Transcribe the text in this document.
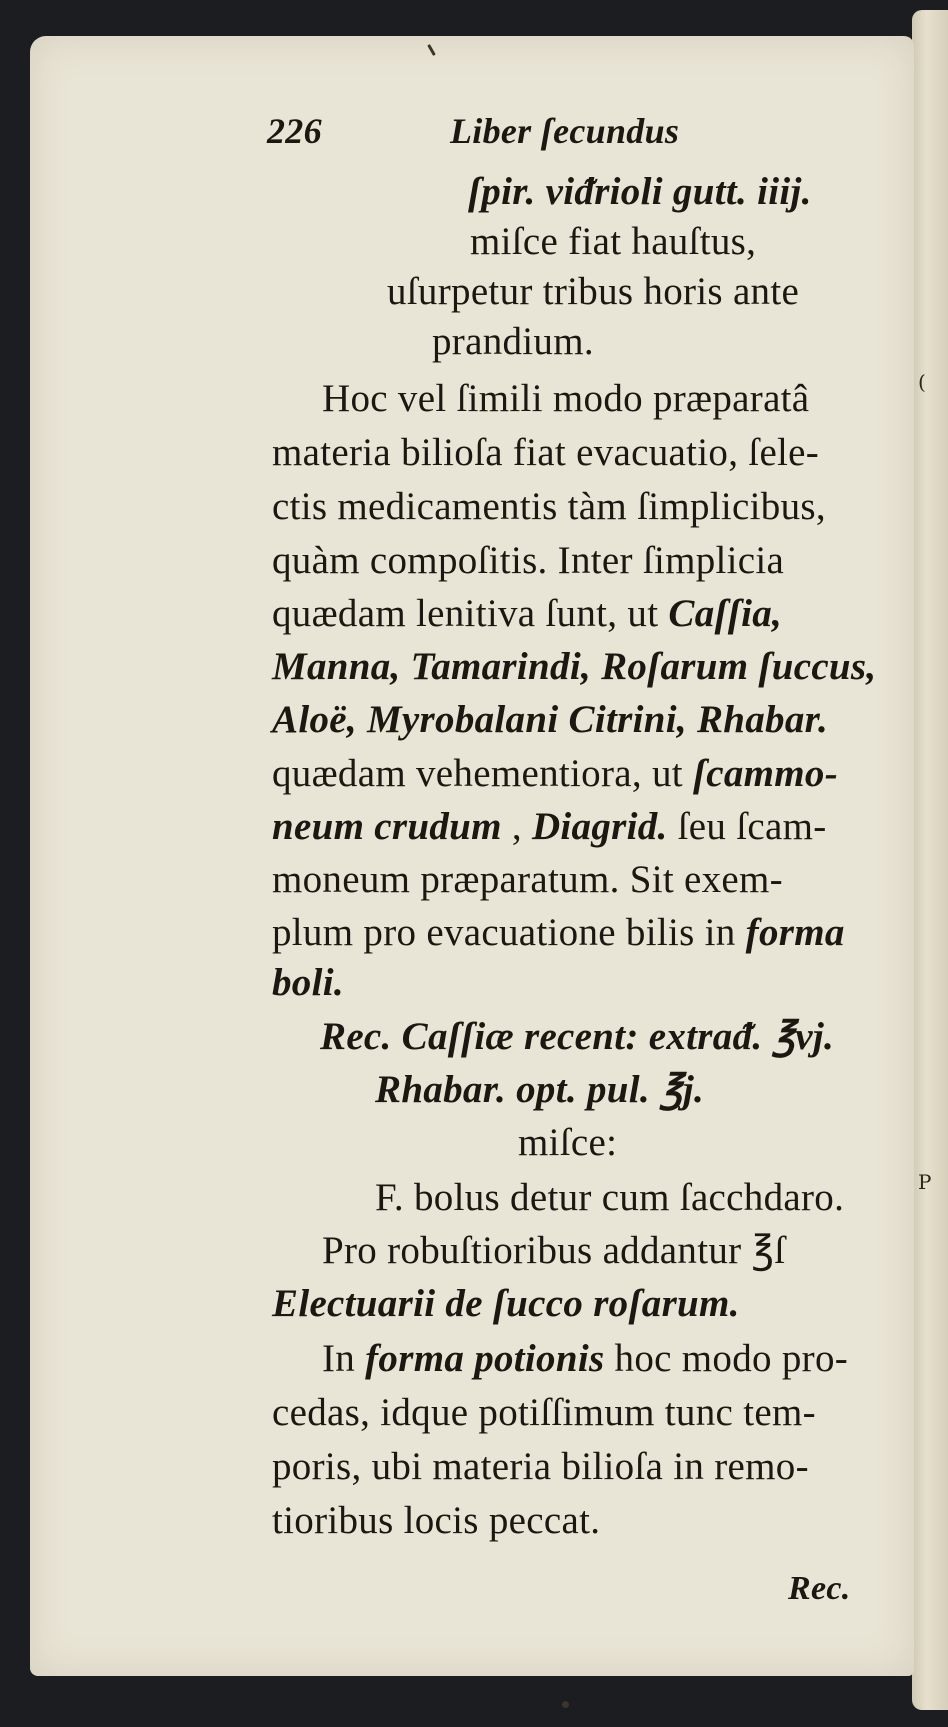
(
P
226	Liber ſecundus
ſpir. viᵭrioli gutt. iiij.
miſce fiat hauſtus,
uſurpetur tribus horis ante
prandium.
Hoc vel ſimili modo præparatâ
materia bilioſa fiat evacuatio, ſele-
ctis medicamentis tàm ſimplicibus,
quàm compoſitis. Inter ſimplicia
quædam lenitiva ſunt, ut Caſſia,
Manna, Tamarindi, Roſarum ſuccus,
Aloë, Myrobalani Citrini, Rhabar.
quædam vehementiora, ut ſcammo-
neum crudum , Diagrid. ſeu ſcam-
moneum præparatum. Sit exem-
plum pro evacuatione bilis in forma
boli.
Rec. Caſſiæ recent: extraᵭ. ℥vj.
Rhabar. opt. pul. ℥j.
miſce:
F. bolus detur cum ſacchdaro.
Pro robuſtioribus addantur ℥ſ
Electuarii de ſucco roſarum.
In forma potionis hoc modo pro-
cedas, idque potiſſimum tunc tem-
poris, ubi materia bilioſa in remo-
tioribus locis peccat.
Rec.
